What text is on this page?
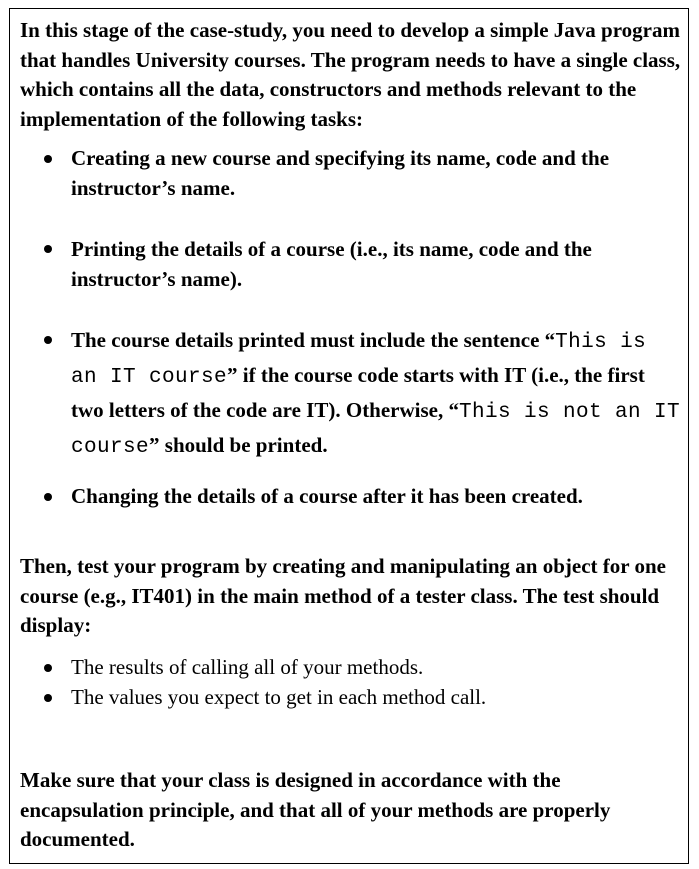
In this stage of the case-study, you need to develop a simple Java program that handles University courses. The program needs to have a single class, which contains all the data, constructors and methods relevant to the implementation of the following tasks:

Creating a new course and specifying its name, code and the instructor’s name.

Printing the details of a course (i.e., its name, code and the instructor’s name).

The course details printed must include the sentence “This is an IT course” if the course code starts with IT (i.e., the first two letters of the code are IT). Otherwise, “This is not an IT course” should be printed.

Changing the details of a course after it has been created.

Then, test your program by creating and manipulating an object for one course (e.g., IT401) in the main method of a tester class. The test should display:

The results of calling all of your methods.

The values you expect to get in each method call.

Make sure that your class is designed in accordance with the encapsulation principle, and that all of your methods are properly documented.
